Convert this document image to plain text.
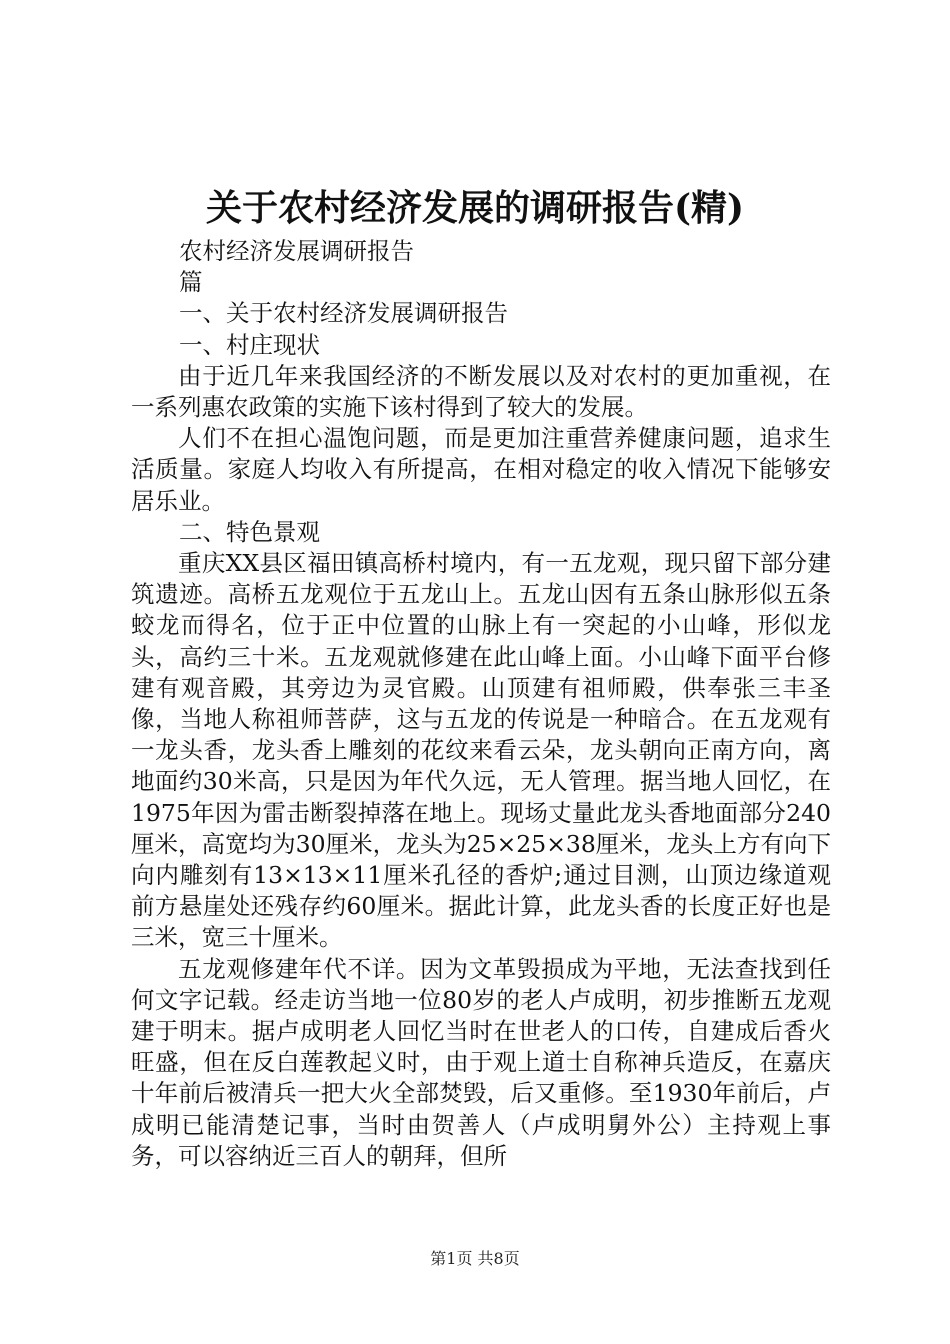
关于农村经济发展的调研报告(精)

农村经济发展调研报告

篇

一、关于农村经济发展调研报告

一、村庄现状

由于近几年来我国经济的不断发展以及对农村的更加重视，在一系列惠农政策的实施下该村得到了较大的发展。

人们不在担心温饱问题，而是更加注重营养健康问题，追求生活质量。家庭人均收入有所提高，在相对稳定的收入情况下能够安居乐业。

二、特色景观

重庆XX县区福田镇高桥村境内，有一五龙观，现只留下部分建筑遗迹。高桥五龙观位于五龙山上。五龙山因有五条山脉形似五条蛟龙而得名，位于正中位置的山脉上有一突起的小山峰，形似龙头，高约三十米。五龙观就修建在此山峰上面。小山峰下面平台修建有观音殿，其旁边为灵官殿。山顶建有祖师殿，供奉张三丰圣像，当地人称祖师菩萨，这与五龙的传说是一种暗合。在五龙观有一龙头香，龙头香上雕刻的花纹来看云朵，龙头朝向正南方向，离地面约30米高，只是因为年代久远，无人管理。据当地人回忆，在1975年因为雷击断裂掉落在地上。现场丈量此龙头香地面部分240厘米，高宽均为30厘米，龙头为25×25×38厘米，龙头上方有向下向内雕刻有13×13×11厘米孔径的香炉;通过目测，山顶边缘道观前方悬崖处还残存约60厘米。据此计算，此龙头香的长度正好也是三米，宽三十厘米。

五龙观修建年代不详。因为文革毁损成为平地，无法查找到任何文字记载。经走访当地一位80岁的老人卢成明，初步推断五龙观建于明末。据卢成明老人回忆当时在世老人的口传，自建成后香火旺盛，但在反白莲教起义时，由于观上道士自称神兵造反，在嘉庆十年前后被清兵一把大火全部焚毁，后又重修。至1930年前后，卢成明已能清楚记事，当时由贺善人（卢成明舅外公）主持观上事务，可以容纳近三百人的朝拜，但所

第1页 共8页
